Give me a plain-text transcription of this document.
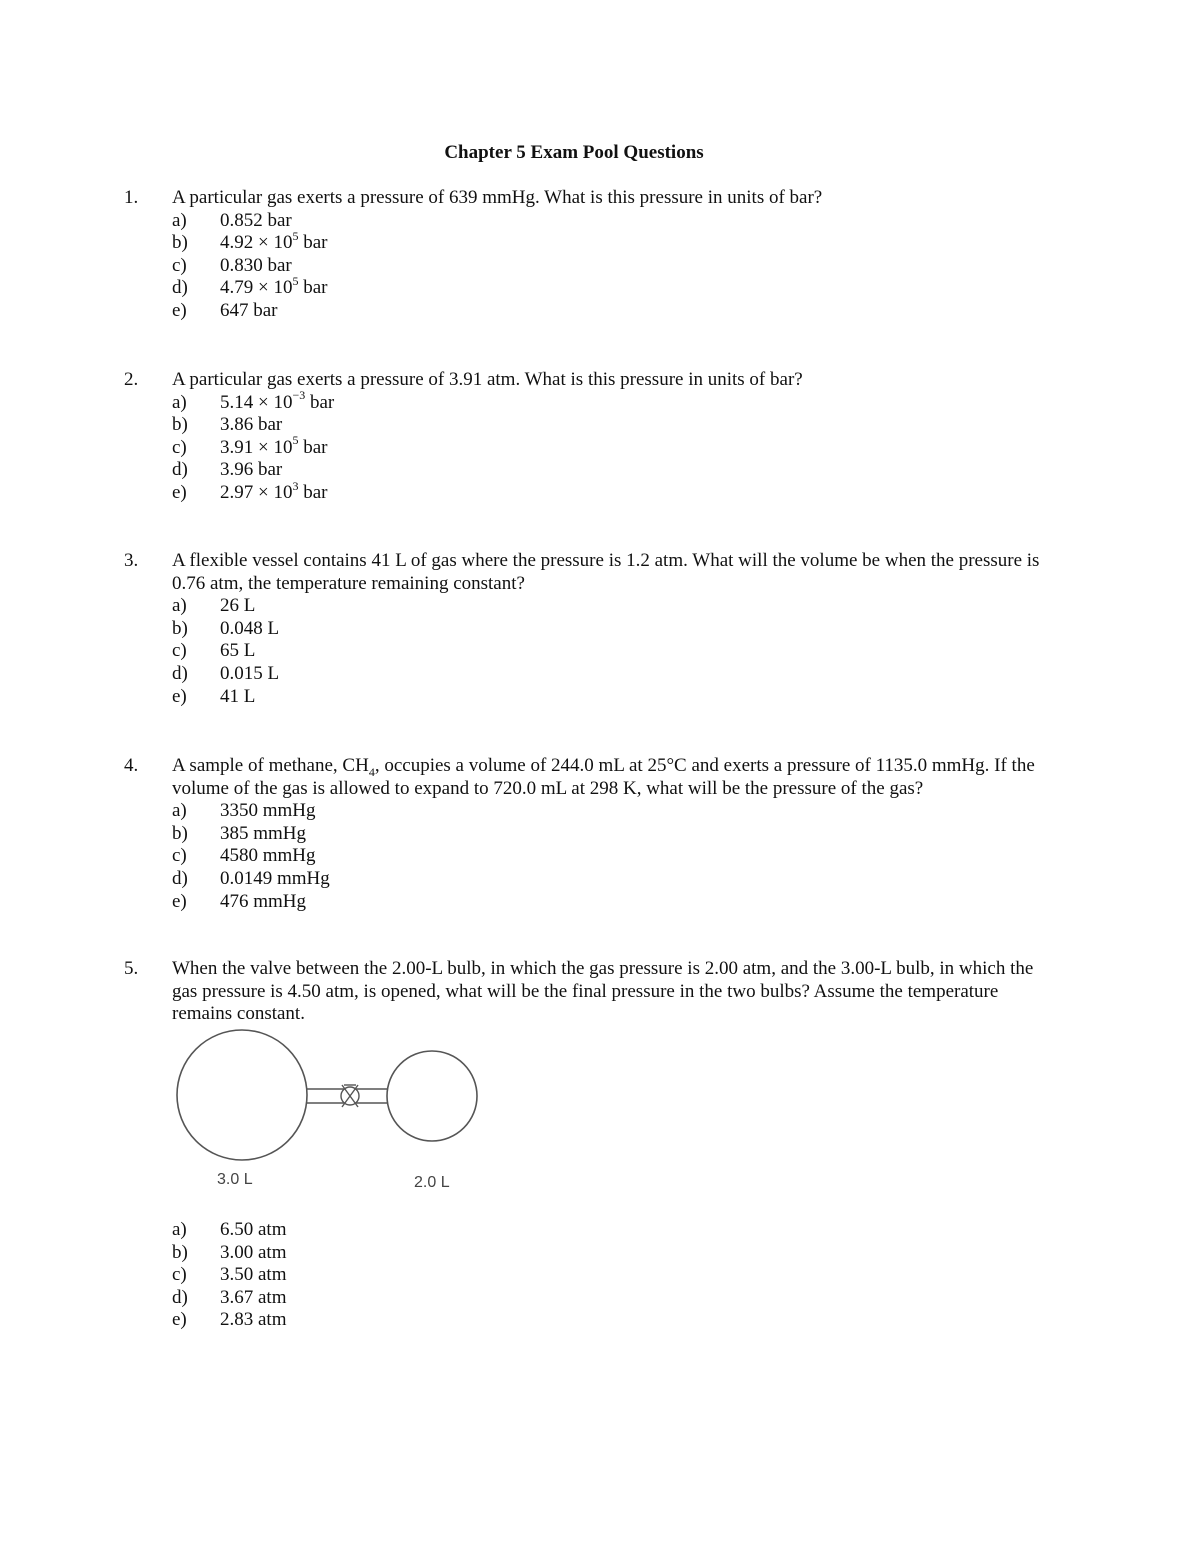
Chapter 5 Exam Pool Questions
1. A particular gas exerts a pressure of 639 mmHg. What is this pressure in units of bar?
a) 0.852 bar
b) $4.92 \times 10^5$ bar
c) 0.830 bar
d) $4.79 \times 10^5$ bar
e) 647 bar
2. A particular gas exerts a pressure of 3.91 atm. What is this pressure in units of bar?
a) $5.14 \times 10^{-3}$ bar
b) 3.86 bar
c) $3.91 \times 10^5$ bar
d) 3.96 bar
e) $2.97 \times 10^3$ bar
3. A flexible vessel contains 41 L of gas where the pressure is 1.2 atm. What will the volume be when the pressure is 0.76 atm, the temperature remaining constant?
a) 26 L
b) 0.048 L
c) 65 L
d) 0.015 L
e) 41 L
4. A sample of methane, $CH_4$, occupies a volume of 244.0 mL at 25°C and exerts a pressure of 1135.0 mmHg. If the volume of the gas is allowed to expand to 720.0 mL at 298 K, what will be the pressure of the gas?
a) 3350 mmHg
b) 385 mmHg
c) 4580 mmHg
d) 0.0149 mmHg
e) 476 mmHg
5. When the valve between the 2.00-L bulb, in which the gas pressure is 2.00 atm, and the 3.00-L bulb, in which the gas pressure is 4.50 atm, is opened, what will be the final pressure in the two bulbs? Assume the temperature remains constant.
3.0 L	2.0 L
a) 6.50 atm
b) 3.00 atm
c) 3.50 atm
d) 3.67 atm
e) 2.83 atm
